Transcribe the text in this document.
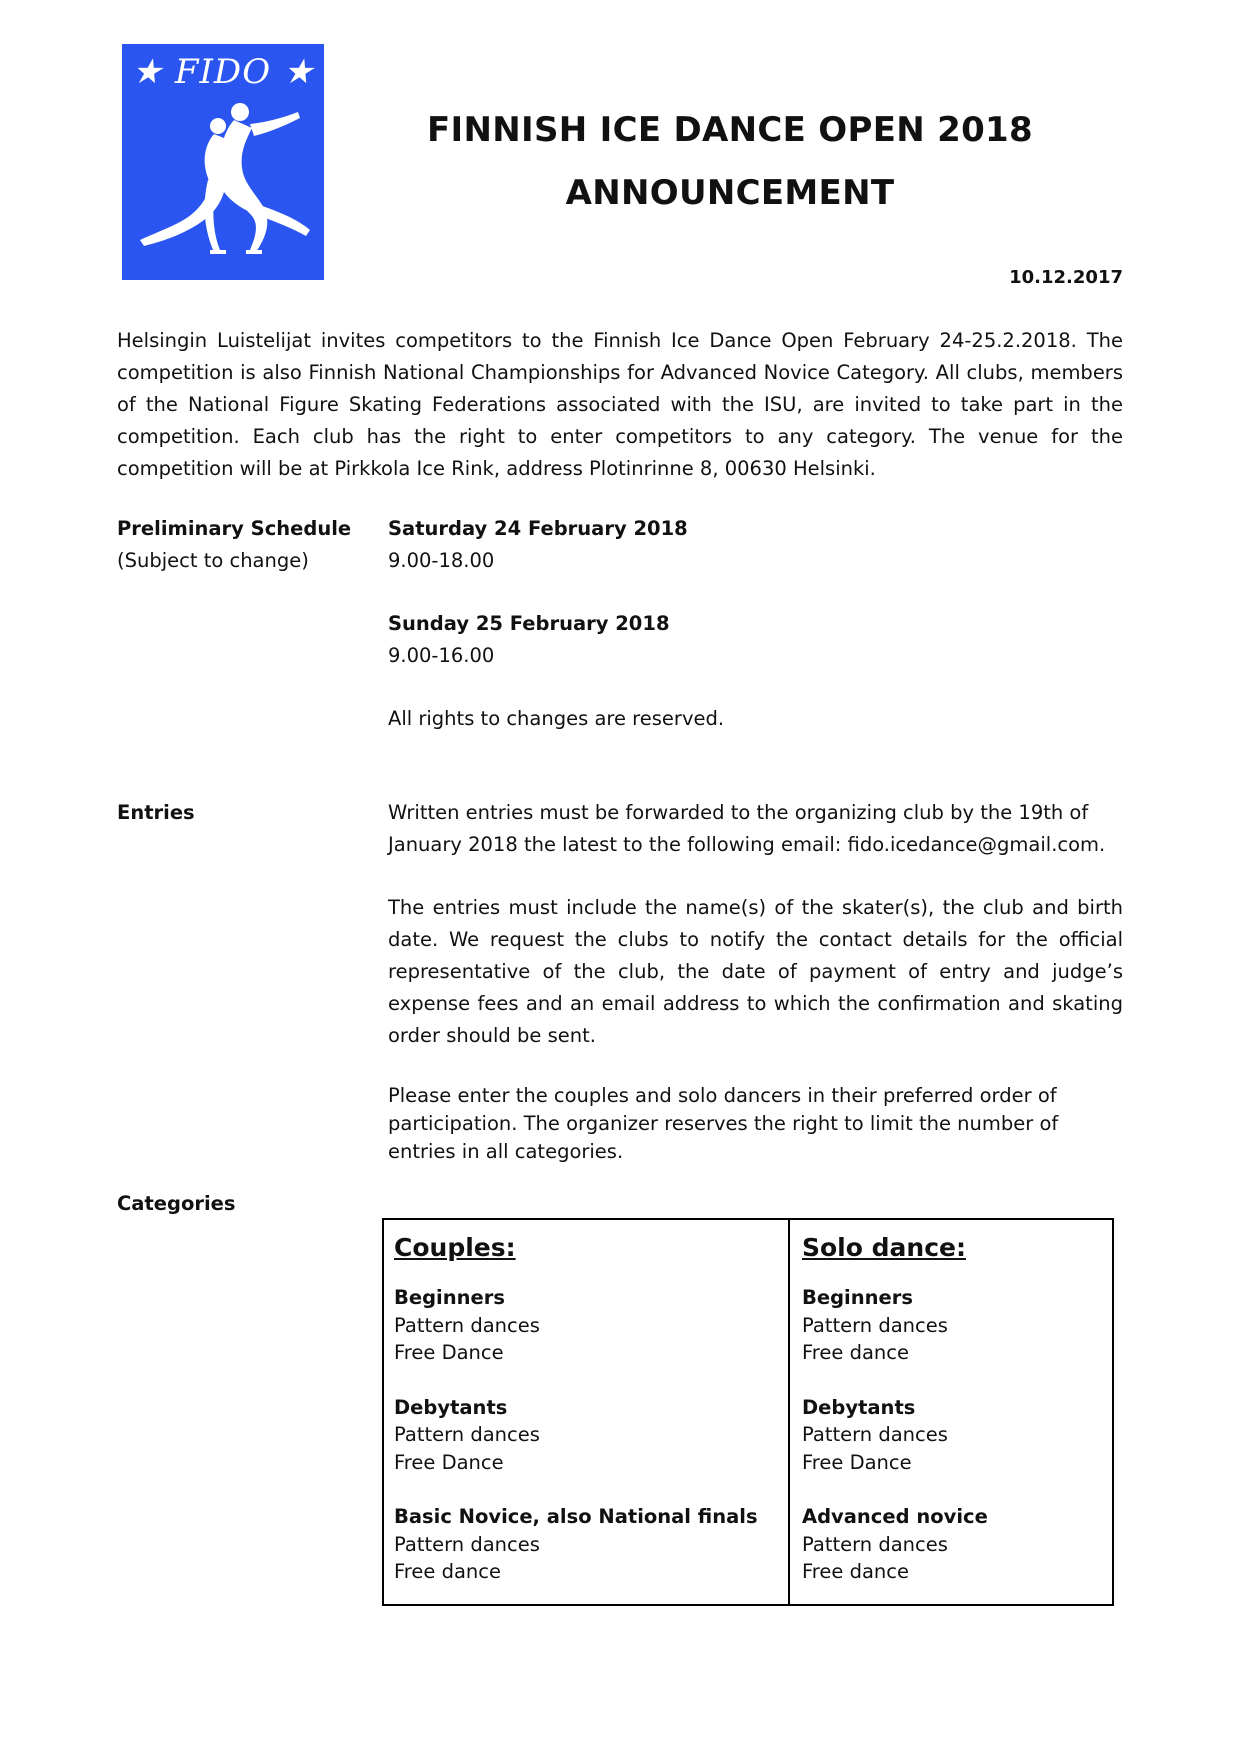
★ FIDO ★
FINNISH ICE DANCE OPEN 2018
ANNOUNCEMENT
10.12.2017
Helsingin Luistelijat invites competitors to the Finnish Ice Dance Open February 24-25.2.2018. The competition is also Finnish National Championships for Advanced Novice Category. All clubs, members of the National Figure Skating Federations associated with the ISU, are invited to take part in the competition. Each club has the right to enter competitors to any category. The venue for the competition will be at Pirkkola Ice Rink, address Plotinrinne 8, 00630 Helsinki.
Preliminary Schedule
(Subject to change)
Saturday 24 February 2018
9.00-18.00
Sunday 25 February 2018
9.00-16.00
All rights to changes are reserved.
Entries	Written entries must be forwarded to the organizing club by the 19th of January 2018 the latest to the following email: fido.icedance@gmail.com.
The entries must include the name(s) of the skater(s), the club and birth date. We request the clubs to notify the contact details for the official representative of the club, the date of payment of entry and judge’s expense fees and an email address to which the confirmation and skating order should be sent.
Please enter the couples and solo dancers in their preferred order of participation. The organizer reserves the right to limit the number of entries in all categories.
Categories
Couples:
Beginners
Pattern dances
Free Dance
Debytants
Pattern dances
Free Dance
Basic Novice, also National finals
Pattern dances
Free dance
Solo dance:
Beginners
Pattern dances
Free dance
Debytants
Pattern dances
Free Dance
Advanced novice
Pattern dances
Free dance
